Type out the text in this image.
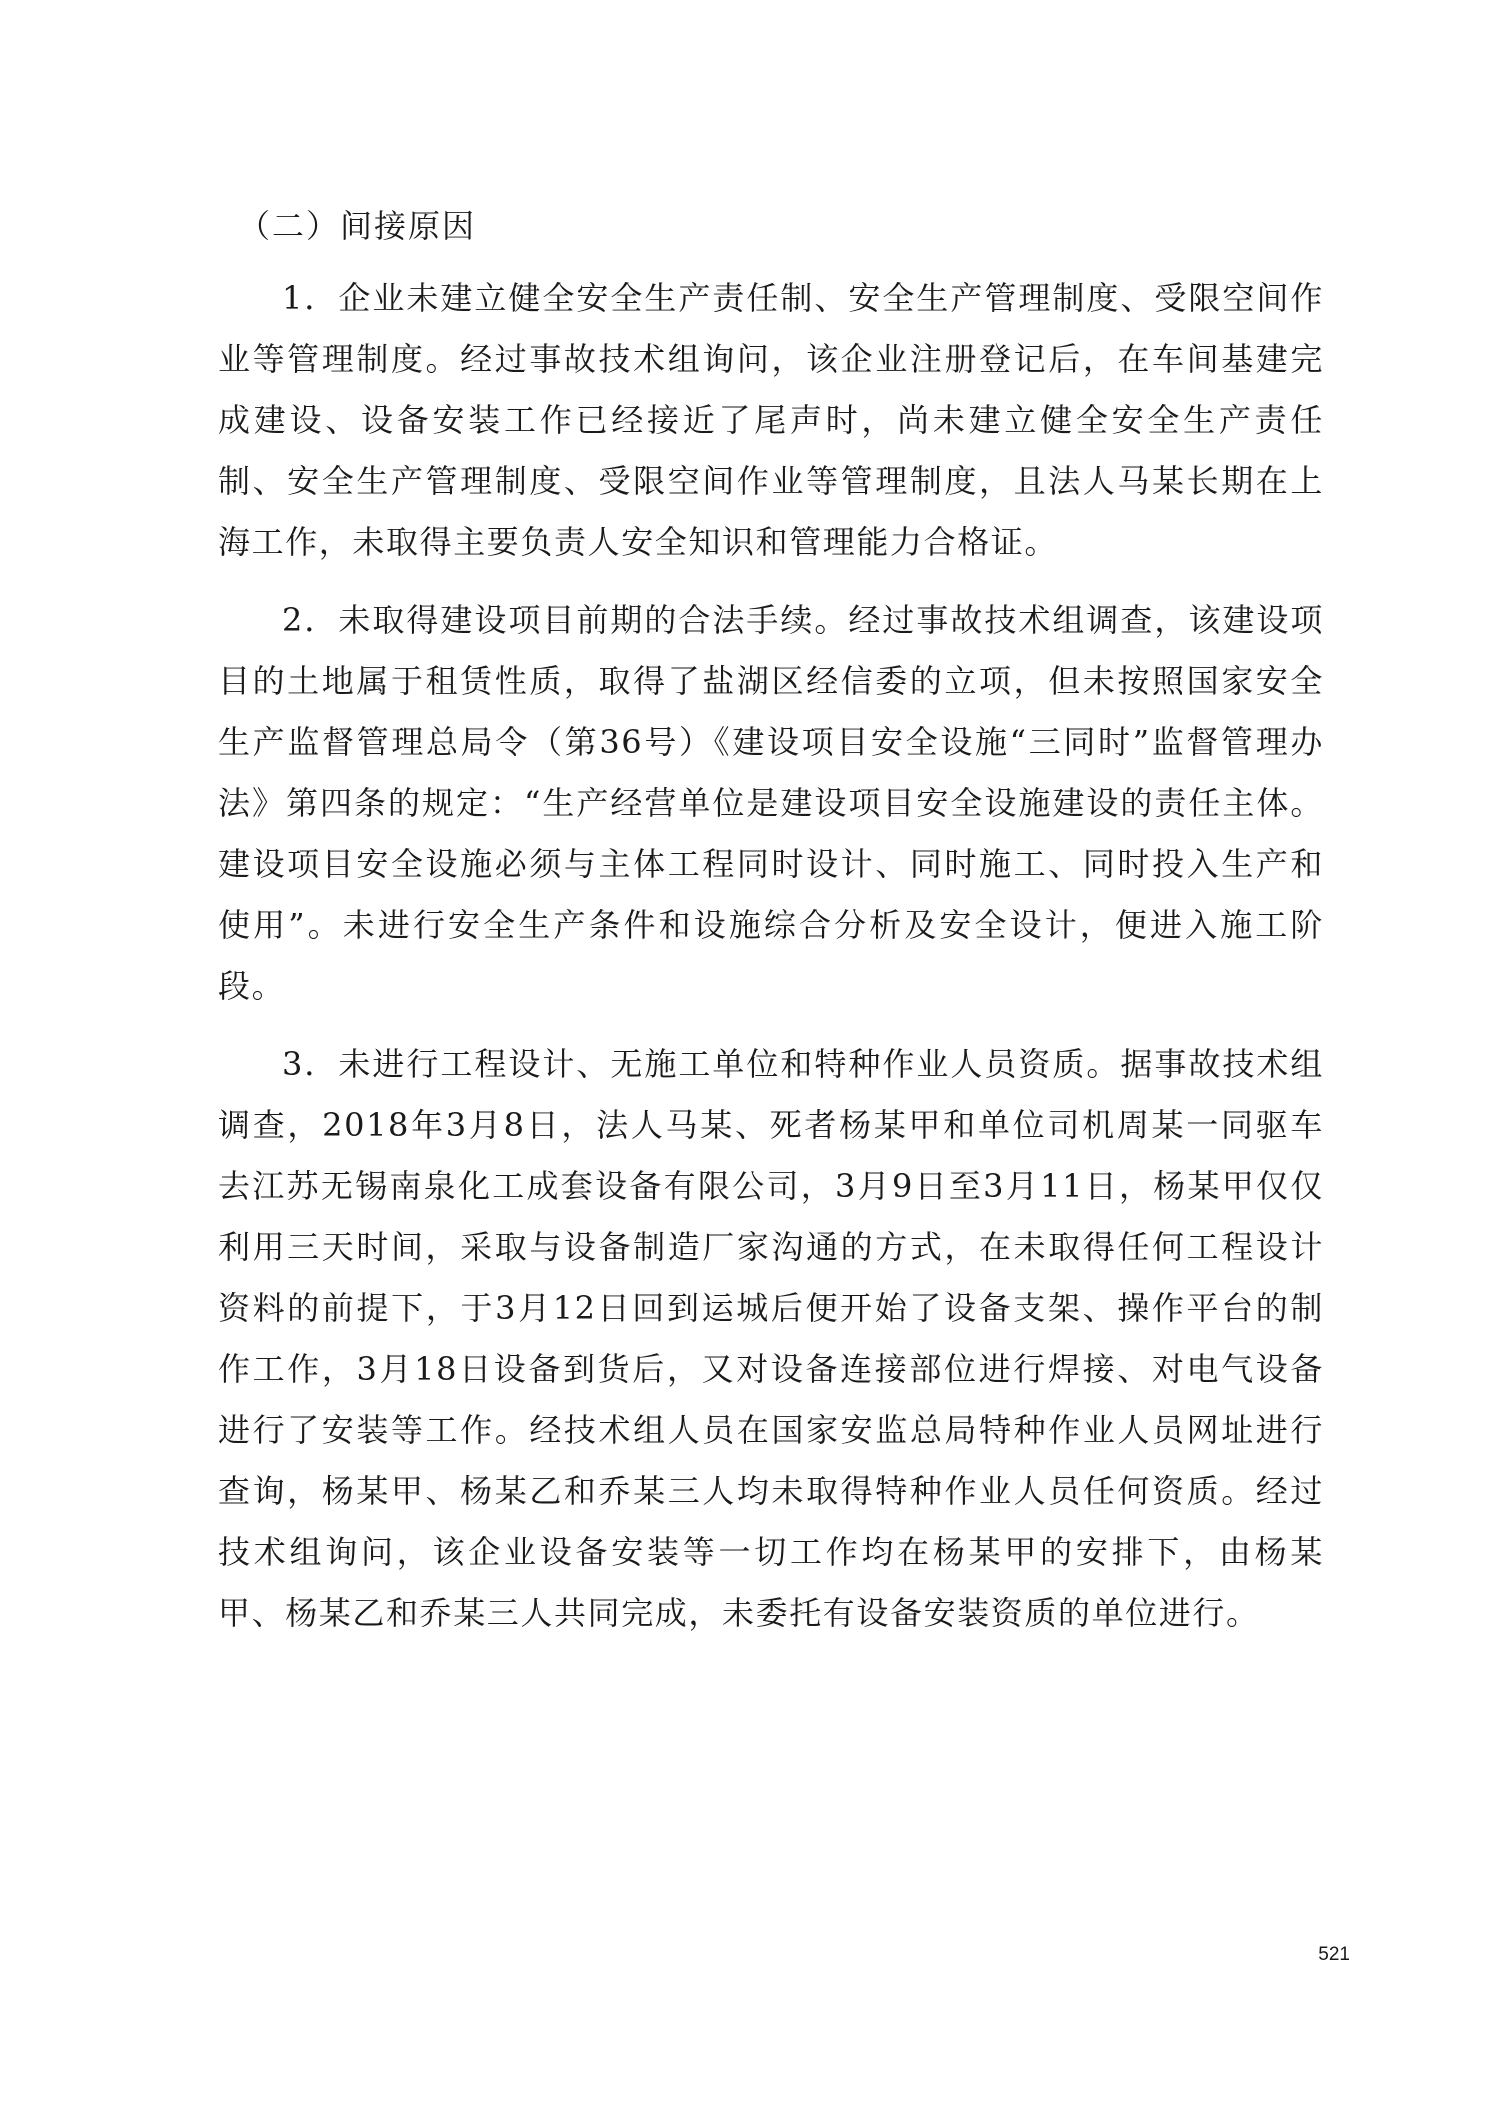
（二）间接原因

1．企业未建立健全安全生产责任制、安全生产管理制度、受限空间作业等管理制度。经过事故技术组询问，该企业注册登记后，在车间基建完成建设、设备安装工作已经接近了尾声时，尚未建立健全安全生产责任制、安全生产管理制度、受限空间作业等管理制度，且法人马某长期在上海工作，未取得主要负责人安全知识和管理能力合格证。

2．未取得建设项目前期的合法手续。经过事故技术组调查，该建设项目的土地属于租赁性质，取得了盐湖区经信委的立项，但未按照国家安全生产监督管理总局令（第36号）《建设项目安全设施“三同时”监督管理办法》第四条的规定：“生产经营单位是建设项目安全设施建设的责任主体。建设项目安全设施必须与主体工程同时设计、同时施工、同时投入生产和使用”。未进行安全生产条件和设施综合分析及安全设计，便进入施工阶段。

3．未进行工程设计、无施工单位和特种作业人员资质。据事故技术组调查，2018年3月8日，法人马某、死者杨某甲和单位司机周某一同驱车去江苏无锡南泉化工成套设备有限公司，3月9日至3月11日，杨某甲仅仅利用三天时间，采取与设备制造厂家沟通的方式，在未取得任何工程设计资料的前提下，于3月12日回到运城后便开始了设备支架、操作平台的制作工作，3月18日设备到货后，又对设备连接部位进行焊接、对电气设备进行了安装等工作。经技术组人员在国家安监总局特种作业人员网址进行查询，杨某甲、杨某乙和乔某三人均未取得特种作业人员任何资质。经过技术组询问，该企业设备安装等一切工作均在杨某甲的安排下，由杨某甲、杨某乙和乔某三人共同完成，未委托有设备安装资质的单位进行。

521
